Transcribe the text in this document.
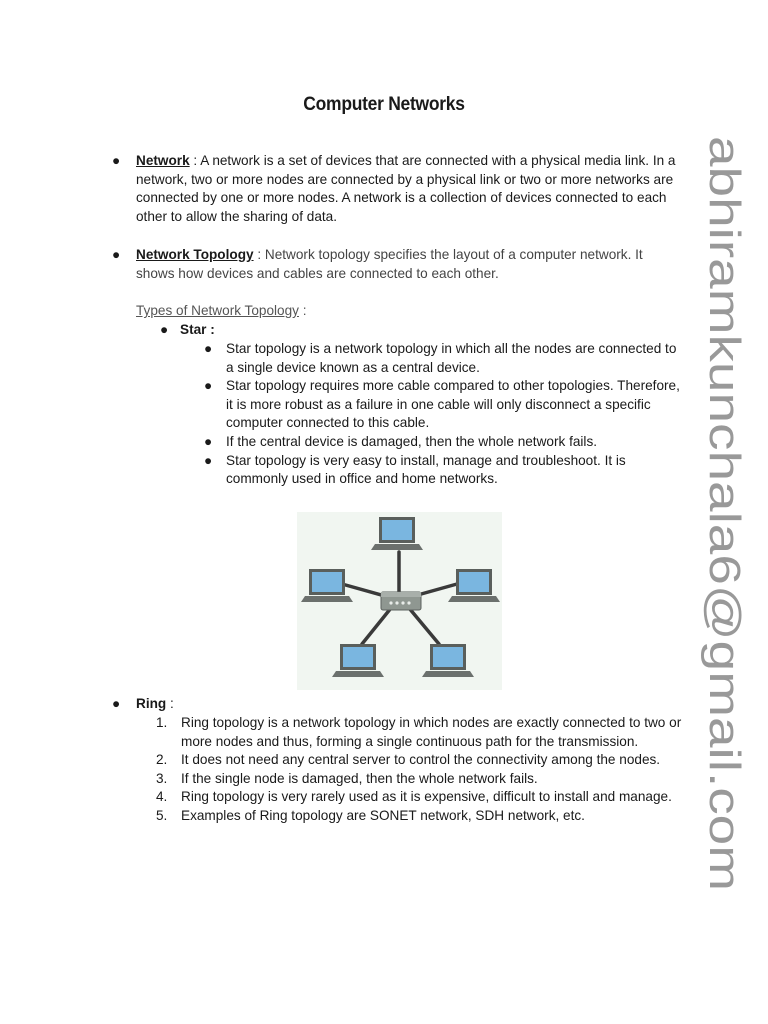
Computer Networks
●	Network : A network is a set of devices that are connected with a physical media link. In a network, two or more nodes are connected by a physical link or two or more networks are connected by one or more nodes. A network is a collection of devices connected to each other to allow the sharing of data.
●	Network Topology : Network topology specifies the layout of a computer network. It shows how devices and cables are connected to each other.
Types of Network Topology :
● Star :
● Star topology is a network topology in which all the nodes are connected to a single device known as a central device.
● Star topology requires more cable compared to other topologies. Therefore, it is more robust as a failure in one cable will only disconnect a specific computer connected to this cable.
● If the central device is damaged, then the whole network fails.
● Star topology is very easy to install, manage and troubleshoot. It is commonly used in office and home networks.
● Ring :
1. Ring topology is a network topology in which nodes are exactly connected to two or more nodes and thus, forming a single continuous path for the transmission.
2. It does not need any central server to control the connectivity among the nodes.
3. If the single node is damaged, then the whole network fails.
4. Ring topology is very rarely used as it is expensive, difficult to install and manage.
5. Examples of Ring topology are SONET network, SDH network, etc.
abhiramkunchala6@gmail.com
